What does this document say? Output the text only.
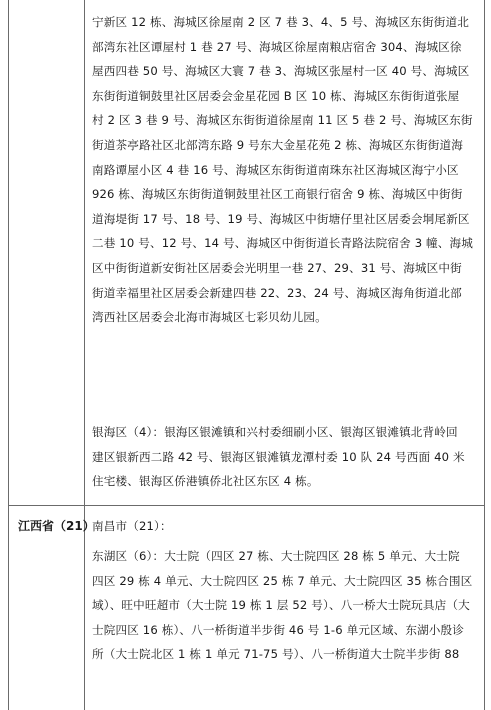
宁新区 12 栋、海城区徐屋南 2 区 7 巷 3、4、5 号、海城区东街街道北
部湾东社区谭屋村 1 巷 27 号、海城区徐屋南粮店宿舍 304、海城区徐
屋西四巷 50 号、海城区大寰 7 巷 3、海城区张屋村一区 40 号、海城区
东街街道铜鼓里社区居委会金星花园 B 区 10 栋、海城区东街街道张屋
村 2 区 3 巷 9 号、海城区东街街道徐屋南 11 区 5 巷 2 号、海城区东街
街道茶亭路社区北部湾东路 9 号东大金星花苑 2 栋、海城区东街街道海
南路谭屋小区 4 巷 16 号、海城区东街街道南珠东社区海城区海宁小区
926 栋、海城区东街街道铜鼓里社区工商银行宿舍 9 栋、海城区中街街
道海堤街 17 号、18 号、19 号、海城区中街塘仔里社区居委会垌尾新区
二巷 10 号、12 号、14 号、海城区中街街道长青路法院宿舍 3 幢、海城
区中街街道新安街社区居委会光明里一巷 27、29、31 号、海城区中街
街道幸福里社区居委会新建四巷 22、23、24 号、海城区海角街道北部
湾西社区居委会北海市海城区七彩贝幼儿园。
银海区（4）：银海区银滩镇和兴村委细刷小区、银海区银滩镇北背岭回
建区银新西二路 42 号、银海区银滩镇龙潭村委 10 队 24 号西面 40 米
住宅楼、银海区侨港镇侨北社区东区 4 栋。
江西省（21）
南昌市（21）：
东湖区（6）：大士院（四区 27 栋、大士院四区 28 栋 5 单元、大士院
四区 29 栋 4 单元、大士院四区 25 栋 7 单元、大士院四区 35 栋合围区
域）、旺中旺超市（大士院 19 栋 1 层 52 号）、八一桥大士院玩具店（大
士院四区 16 栋）、八一桥街道半步街 46 号 1-6 单元区域、东湖小殷诊
所（大士院北区 1 栋 1 单元 71-75 号）、八一桥街道大士院半步街 88
